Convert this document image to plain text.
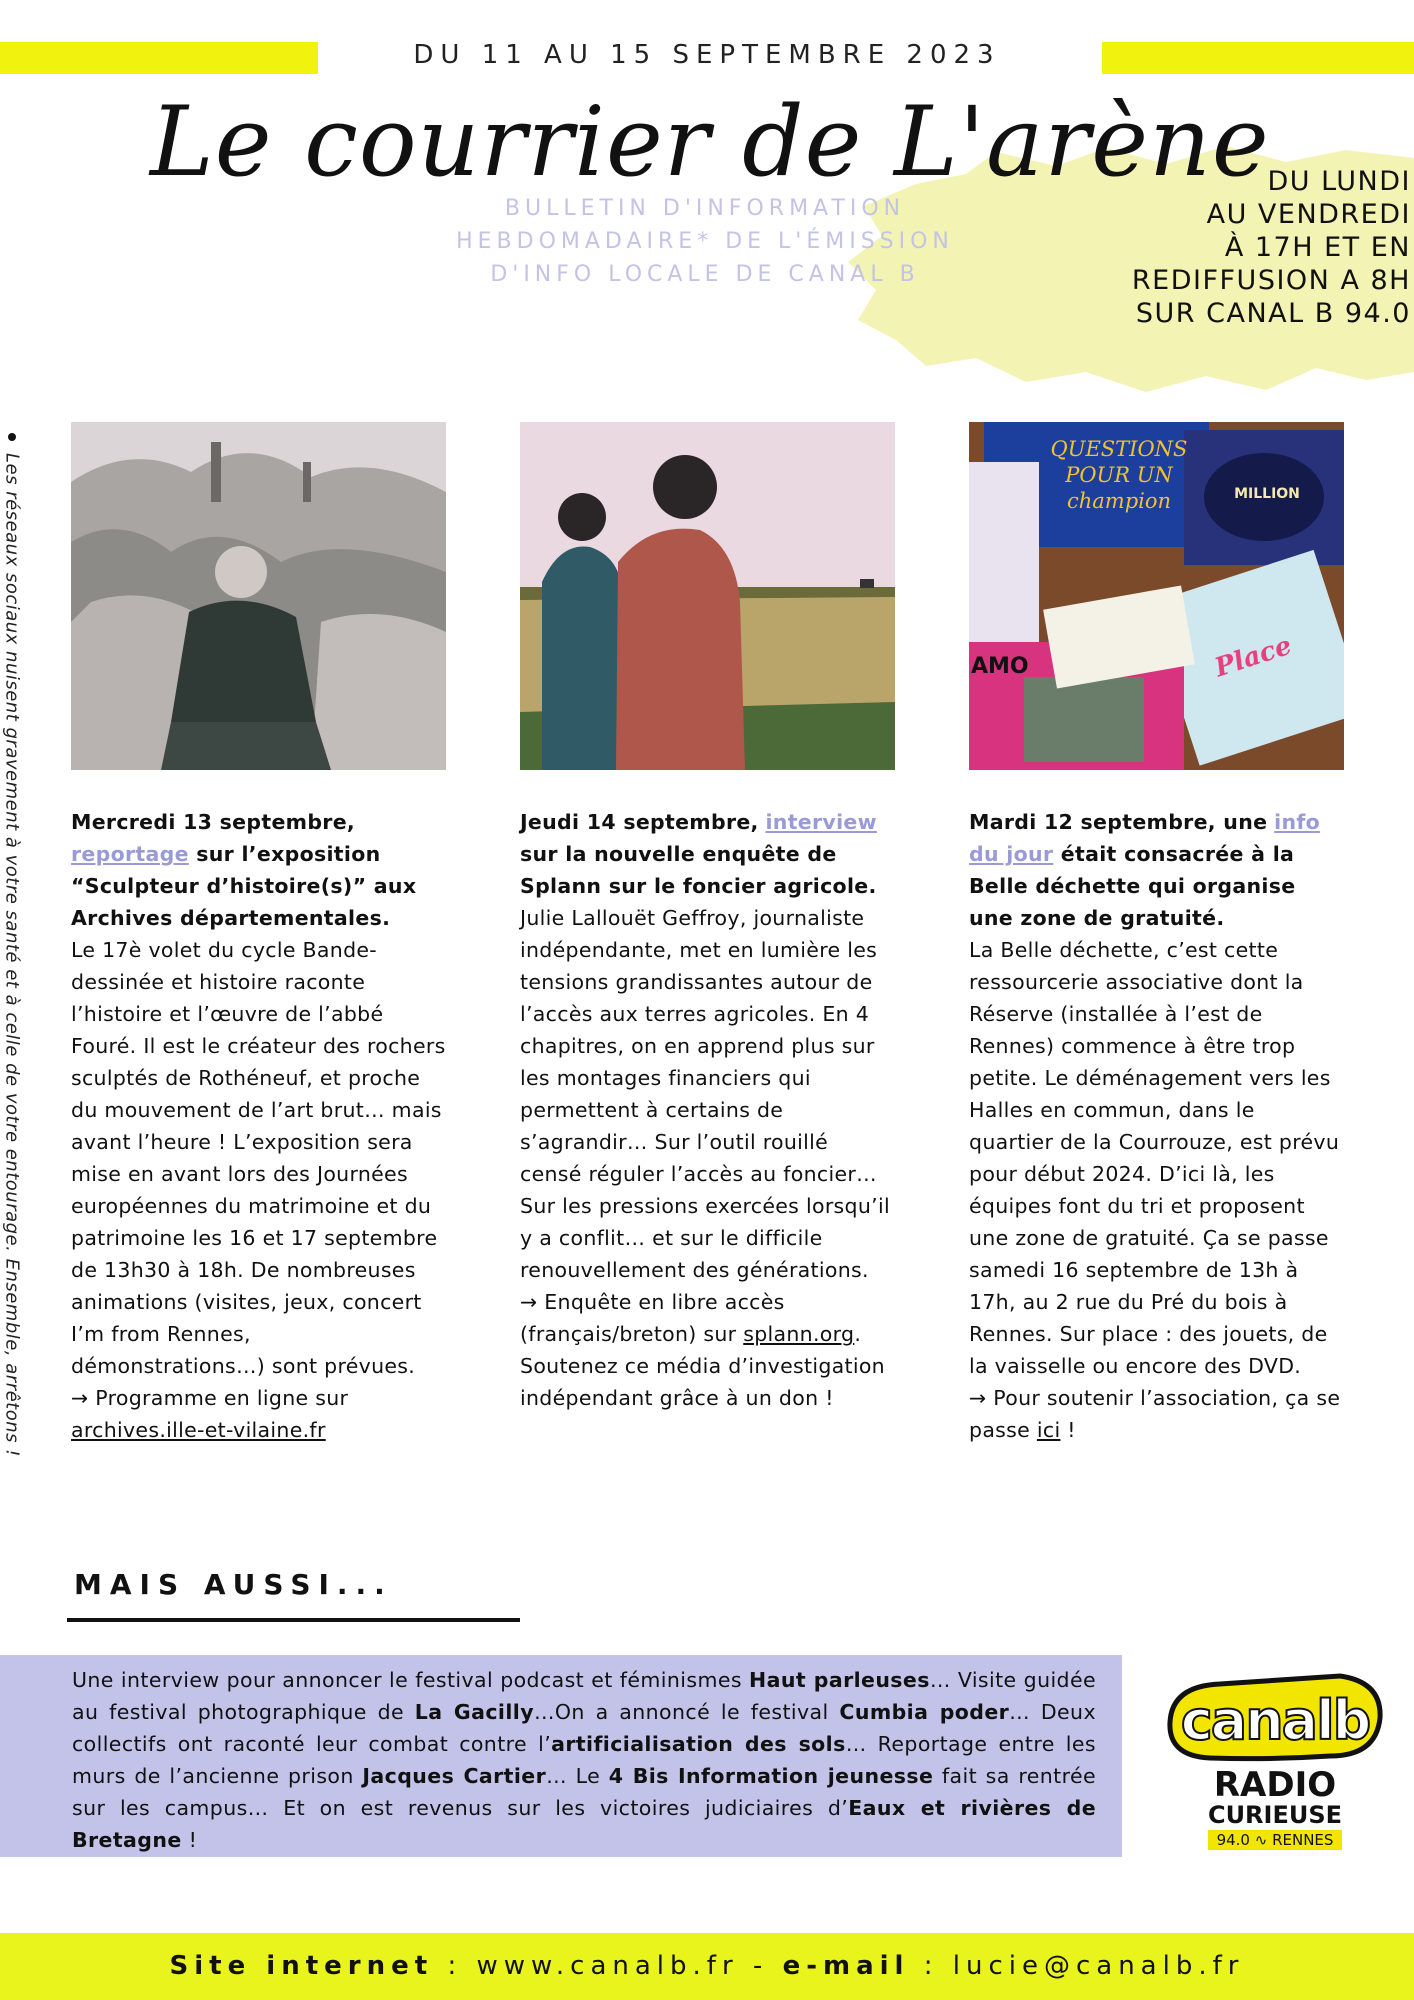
DU 11 AU 15 SEPTEMBRE 2023
Le courrier de L'arène
BULLETIN D'INFORMATION
HEBDOMADAIRE* DE L'ÉMISSION
D'INFO LOCALE DE CANAL B
DU LUNDI
AU VENDREDI
À 17H ET EN
REDIFFUSION A 8H
SUR CANAL B 94.0
Les réseaux sociaux nuisent gravement à votre santé et à celle de votre entourage. Ensemble, arrêtons !
QUESTIONS POUR UN champion	MILLION
Place
AMO

Mercredi 13 septembre,
reportage sur l’exposition “Sculpteur d’histoire(s)” aux Archives départementales.

Le 17è volet du cycle Bande-dessinée et histoire raconte l’histoire et l’œuvre de l’abbé Fouré. Il est le créateur des rochers sculptés de Rothéneuf, et proche du mouvement de l’art brut… mais avant l’heure ! L’exposition sera mise en avant lors des Journées européennes du matrimoine et du patrimoine les 16 et 17 septembre de 13h30 à 18h. De nombreuses animations (visites, jeux, concert I’m from Rennes, démonstrations…) sont prévues.

→ Programme en ligne sur archives.ille-et-vilaine.fr

Jeudi 14 septembre, interview sur la nouvelle enquête de Splann sur le foncier agricole.

Julie Lallouët Geffroy, journaliste indépendante, met en lumière les tensions grandissantes autour de l’accès aux terres agricoles. En 4 chapitres, on en apprend plus sur les montages financiers qui permettent à certains de s’agrandir… Sur l’outil rouillé censé réguler l’accès au foncier… Sur les pressions exercées lorsqu’il y a conflit… et sur le difficile renouvellement des générations.

→ Enquête en libre accès (français/breton) sur splann.org. Soutenez ce média d’investigation indépendant grâce à un don !

Mardi 12 septembre, une info du jour était consacrée à la Belle déchette qui organise une zone de gratuité.

La Belle déchette, c’est cette ressourcerie associative dont la Réserve (installée à l’est de Rennes) commence à être trop petite. Le déménagement vers les Halles en commun, dans le quartier de la Courrouze, est prévu pour début 2024. D’ici là, les équipes font du tri et proposent une zone de gratuité. Ça se passe samedi 16 septembre de 13h à 17h, au 2 rue du Pré du bois à Rennes. Sur place : des jouets, de la vaisselle ou encore des DVD.

→ Pour soutenir l’association, ça se passe ici !

MAIS AUSSI...

Une interview pour annoncer le festival podcast et féminismes Haut parleuses… Visite guidée au festival photographique de La Gacilly…On a annoncé le festival Cumbia poder… Deux collectifs ont raconté leur combat contre l’artificialisation des sols… Reportage entre les murs de l’ancienne prison Jacques Cartier… Le 4 Bis Information jeunesse fait sa rentrée sur les campus… Et on est revenus sur les victoires judiciaires d’Eaux et rivières de Bretagne !

canalb
RADIO
CURIEUSE
94.0 ∿ RENNES
Site internet : www.canalb.fr - e-mail : lucie@canalb.fr
